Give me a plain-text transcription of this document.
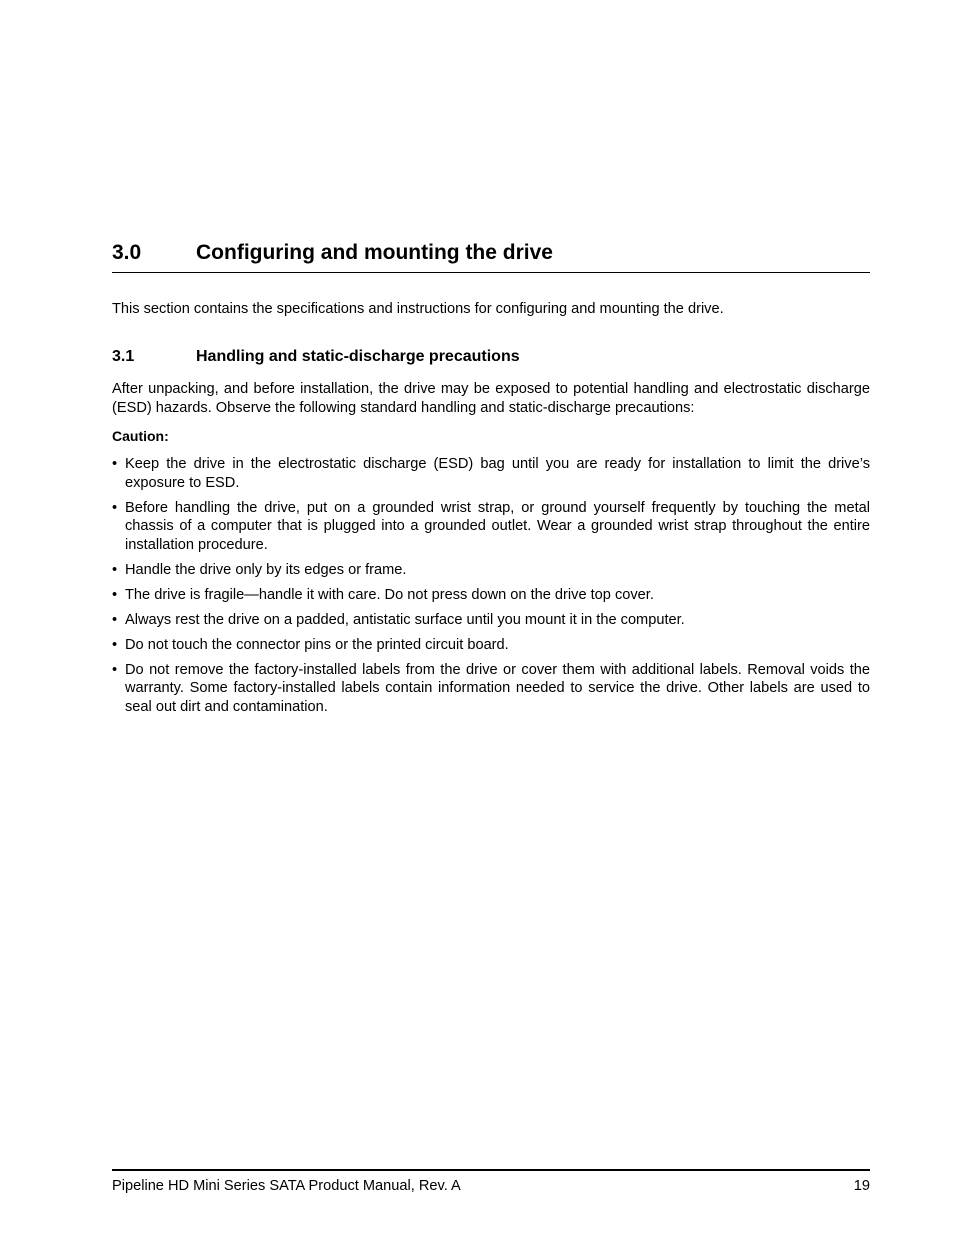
3.0	Configuring and mounting the drive
This section contains the specifications and instructions for configuring and mounting the drive.
3.1	Handling and static-discharge precautions
After unpacking, and before installation, the drive may be exposed to potential handling and electrostatic discharge (ESD) hazards. Observe the following standard handling and static-discharge precautions:
Caution:
• Keep the drive in the electrostatic discharge (ESD) bag until you are ready for installation to limit the drive’s exposure to ESD.
• Before handling the drive, put on a grounded wrist strap, or ground yourself frequently by touching the metal chassis of a computer that is plugged into a grounded outlet. Wear a grounded wrist strap throughout the entire installation procedure.
• Handle the drive only by its edges or frame.
• The drive is fragile—handle it with care. Do not press down on the drive top cover.
• Always rest the drive on a padded, antistatic surface until you mount it in the computer.
• Do not touch the connector pins or the printed circuit board.
• Do not remove the factory-installed labels from the drive or cover them with additional labels. Removal voids the warranty. Some factory-installed labels contain information needed to service the drive. Other labels are used to seal out dirt and contamination.
Pipeline HD Mini Series SATA Product Manual, Rev. A	19
